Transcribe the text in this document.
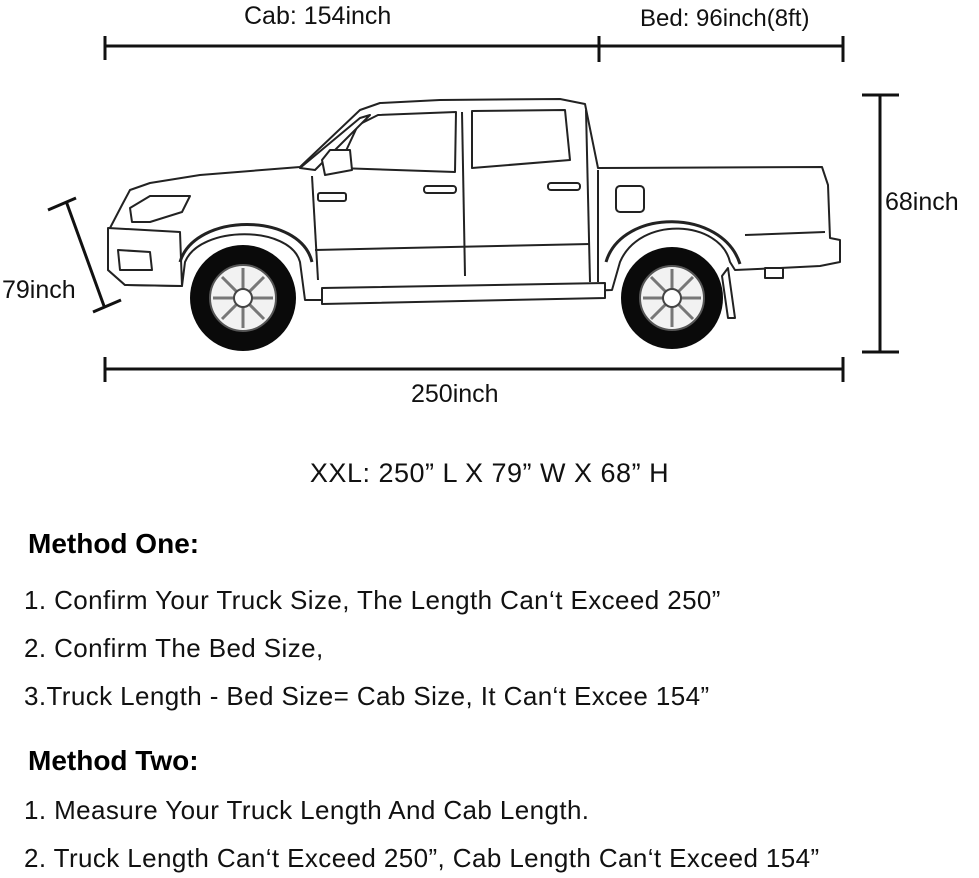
Cab: 154inch	Bed: 96inch(8ft)
68inch
79inch
250inch
XXL: 250” L X 79” W X 68” H
Method One:
1. Confirm Your Truck Size, The Length Can‘t Exceed 250”
2. Confirm The Bed Size,
3.Truck Length - Bed Size= Cab Size, It Can‘t Excee 154”
Method Two:
1. Measure Your Truck Length And Cab Length.
2. Truck Length Can‘t Exceed 250”, Cab Length Can‘t Exceed 154”
